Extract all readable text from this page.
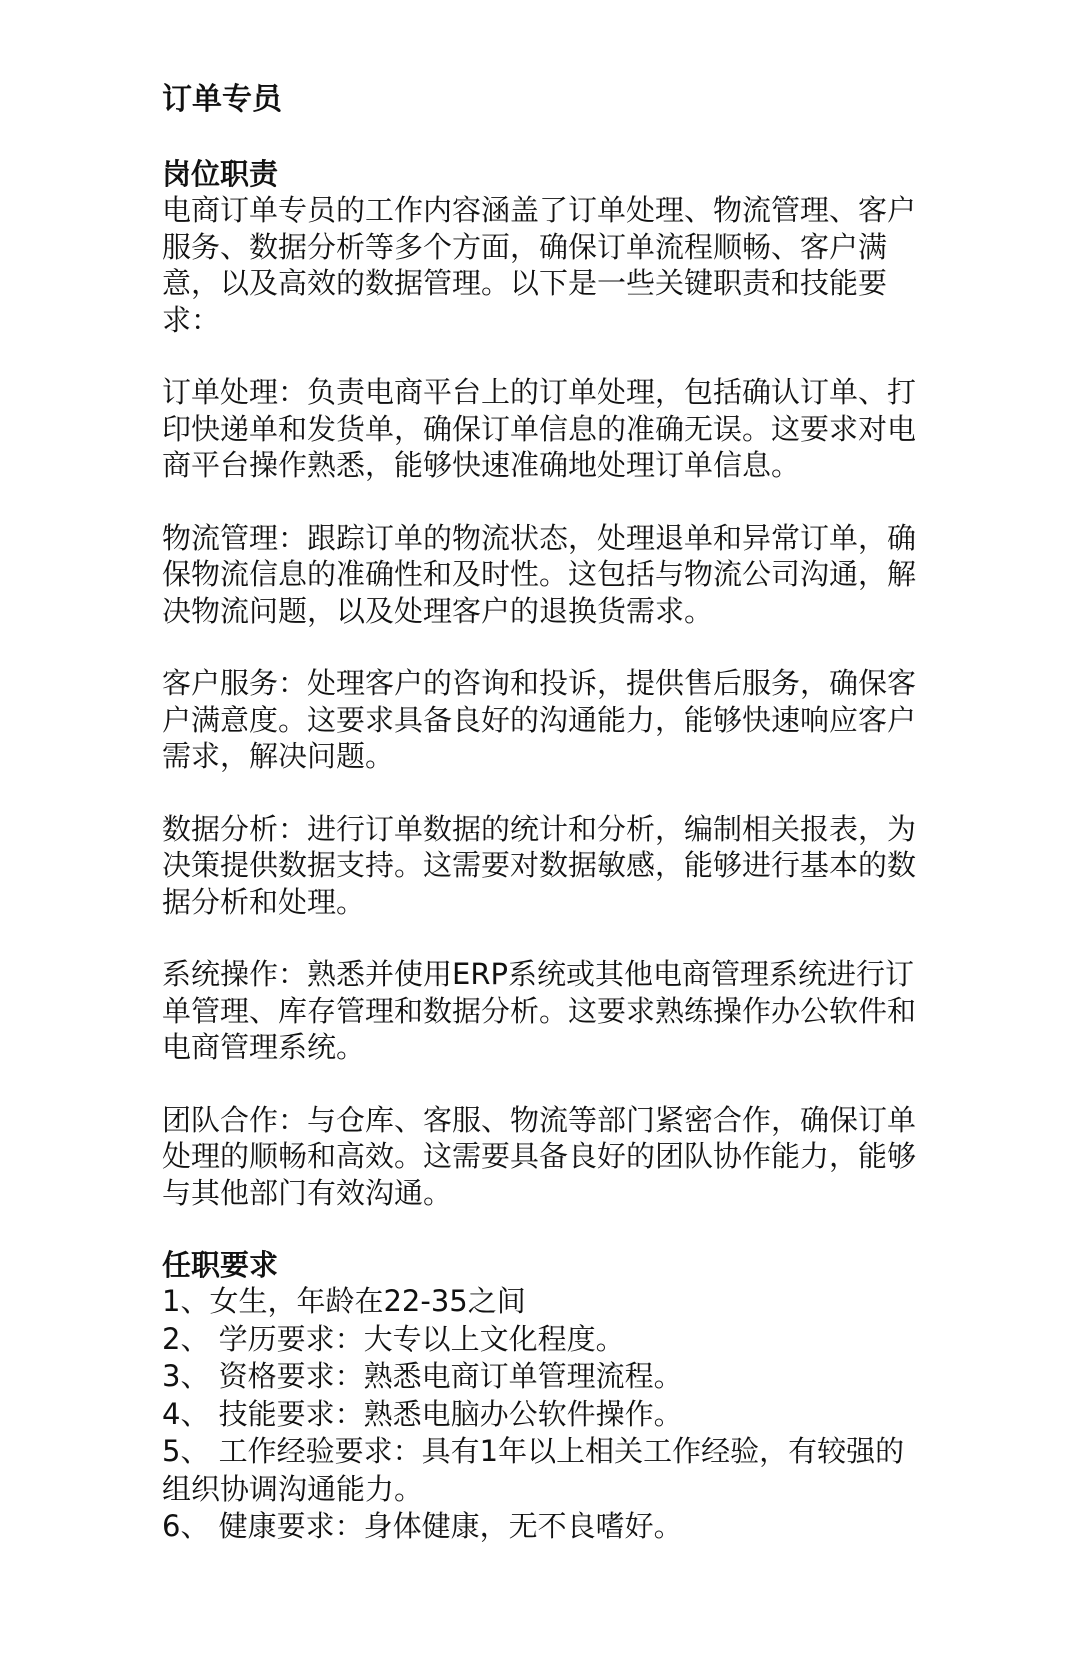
订单专员
岗位职责

电商订单专员的工作内容涵盖了订单处理、物流管理、客户服务、数据分析等多个方面，确保订单流程顺畅、客户满意，以及高效的数据管理。以下是一些关键职责和技能要求：

订单处理：负责电商平台上的订单处理，包括确认订单、打印快递单和发货单，确保订单信息的准确无误。这要求对电商平台操作熟悉，能够快速准确地处理订单信息。

物流管理：跟踪订单的物流状态，处理退单和异常订单，确保物流信息的准确性和及时性。这包括与物流公司沟通，解决物流问题，以及处理客户的退换货需求。

客户服务：处理客户的咨询和投诉，提供售后服务，确保客户满意度。这要求具备良好的沟通能力，能够快速响应客户需求，解决问题。

数据分析：进行订单数据的统计和分析，编制相关报表，为决策提供数据支持。这需要对数据敏感，能够进行基本的数据分析和处理。

系统操作：熟悉并使用ERP系统或其他电商管理系统进行订单管理、库存管理和数据分析。这要求熟练操作办公软件和电商管理系统。

团队合作：与仓库、客服、物流等部门紧密合作，确保订单处理的顺畅和高效。这需要具备良好的团队协作能力，能够与其他部门有效沟通。

任职要求
1、女生，年龄在22-35之间
2、 学历要求：大专以上文化程度。
3、 资格要求：熟悉电商订单管理流程。
4、 技能要求：熟悉电脑办公软件操作。
5、 工作经验要求：具有1年以上相关工作经验，有较强的组织协调沟通能力。
6、 健康要求：身体健康，无不良嗜好。
